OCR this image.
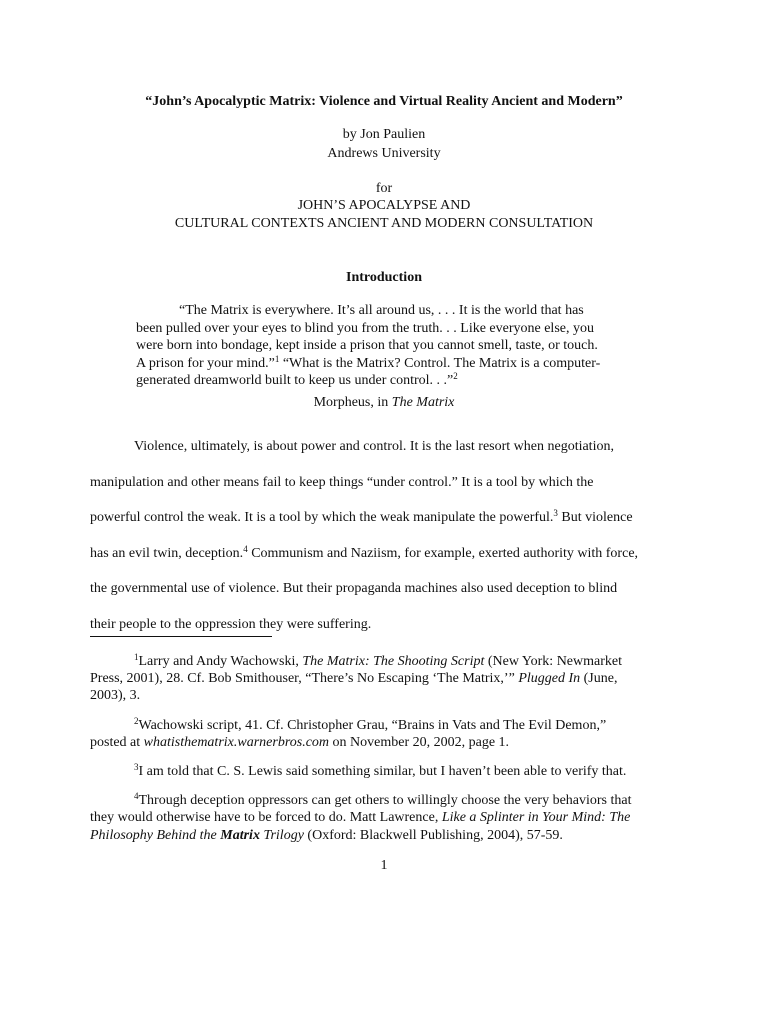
“John’s Apocalyptic Matrix: Violence and Virtual Reality Ancient and Modern”
by Jon Paulien
Andrews University
for
JOHN’S APOCALYPSE AND
CULTURAL CONTEXTS ANCIENT AND MODERN CONSULTATION
Introduction
“The Matrix is everywhere. It’s all around us, . . . It is the world that has
been pulled over your eyes to blind you from the truth. . . Like everyone else, you
were born into bondage, kept inside a prison that you cannot smell, taste, or touch.
A prison for your mind.”$^1$ “What is the Matrix? Control. The Matrix is a computer-
generated dreamworld built to keep us under control. . .”$^2$
Morpheus, in The Matrix
Violence, ultimately, is about power and control. It is the last resort when negotiation,
manipulation and other means fail to keep things “under control.” It is a tool by which the
powerful control the weak. It is a tool by which the weak manipulate the powerful.$^3$ But violence
has an evil twin, deception.$^4$ Communism and Naziism, for example, exerted authority with force,
the governmental use of violence. But their propaganda machines also used deception to blind
their people to the oppression they were suffering.
$^1$Larry and Andy Wachowski, The Matrix: The Shooting Script (New York: Newmarket
Press, 2001), 28. Cf. Bob Smithouser, “There’s No Escaping ‘The Matrix,’” Plugged In (June,
2003), 3.
$^2$Wachowski script, 41. Cf. Christopher Grau, “Brains in Vats and The Evil Demon,”
posted at whatisthematrix.warnerbros.com on November 20, 2002, page 1.
$^3$I am told that C. S. Lewis said something similar, but I haven’t been able to verify that.
$^4$Through deception oppressors can get others to willingly choose the very behaviors that
they would otherwise have to be forced to do. Matt Lawrence, Like a Splinter in Your Mind: The
Philosophy Behind the Matrix Trilogy (Oxford: Blackwell Publishing, 2004), 57-59.
1
